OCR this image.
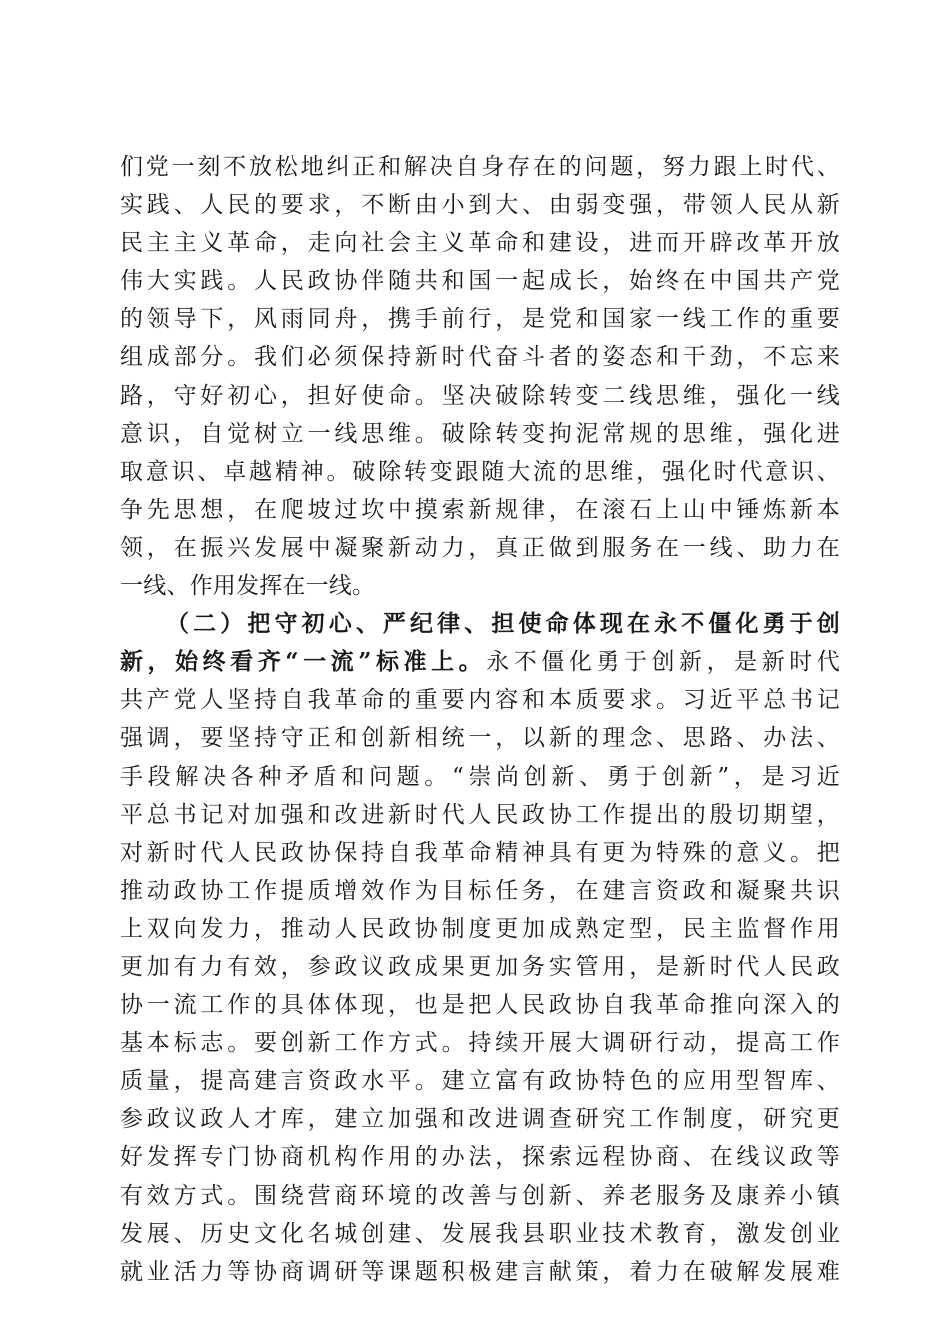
们党一刻不放松地纠正和解决自身存在的问题，努力跟上时代、
实践、人民的要求，不断由小到大、由弱变强，带领人民从新
民主主义革命，走向社会主义革命和建设，进而开辟改革开放
伟大实践。人民政协伴随共和国一起成长，始终在中国共产党
的领导下，风雨同舟，携手前行，是党和国家一线工作的重要
组成部分。我们必须保持新时代奋斗者的姿态和干劲，不忘来
路，守好初心，担好使命。坚决破除转变二线思维，强化一线
意识，自觉树立一线思维。破除转变拘泥常规的思维，强化进
取意识、卓越精神。破除转变跟随大流的思维，强化时代意识、
争先思想，在爬坡过坎中摸索新规律，在滚石上山中锤炼新本
领，在振兴发展中凝聚新动力，真正做到服务在一线、助力在
一线、作用发挥在一线。
（二）把守初心、严纪律、担使命体现在永不僵化勇于创
新，始终看齐“一流”标准上。永不僵化勇于创新，是新时代
共产党人坚持自我革命的重要内容和本质要求。习近平总书记
强调，要坚持守正和创新相统一，以新的理念、思路、办法、
手段解决各种矛盾和问题。“崇尚创新、勇于创新”，是习近
平总书记对加强和改进新时代人民政协工作提出的殷切期望，
对新时代人民政协保持自我革命精神具有更为特殊的意义。把
推动政协工作提质增效作为目标任务，在建言资政和凝聚共识
上双向发力，推动人民政协制度更加成熟定型，民主监督作用
更加有力有效，参政议政成果更加务实管用，是新时代人民政
协一流工作的具体体现，也是把人民政协自我革命推向深入的
基本标志。要创新工作方式。持续开展大调研行动，提高工作
质量，提高建言资政水平。建立富有政协特色的应用型智库、
参政议政人才库，建立加强和改进调查研究工作制度，研究更
好发挥专门协商机构作用的办法，探索远程协商、在线议政等
有效方式。围绕营商环境的改善与创新、养老服务及康养小镇
发展、历史文化名城创建、发展我县职业技术教育，激发创业
就业活力等协商调研等课题积极建言献策，着力在破解发展难
